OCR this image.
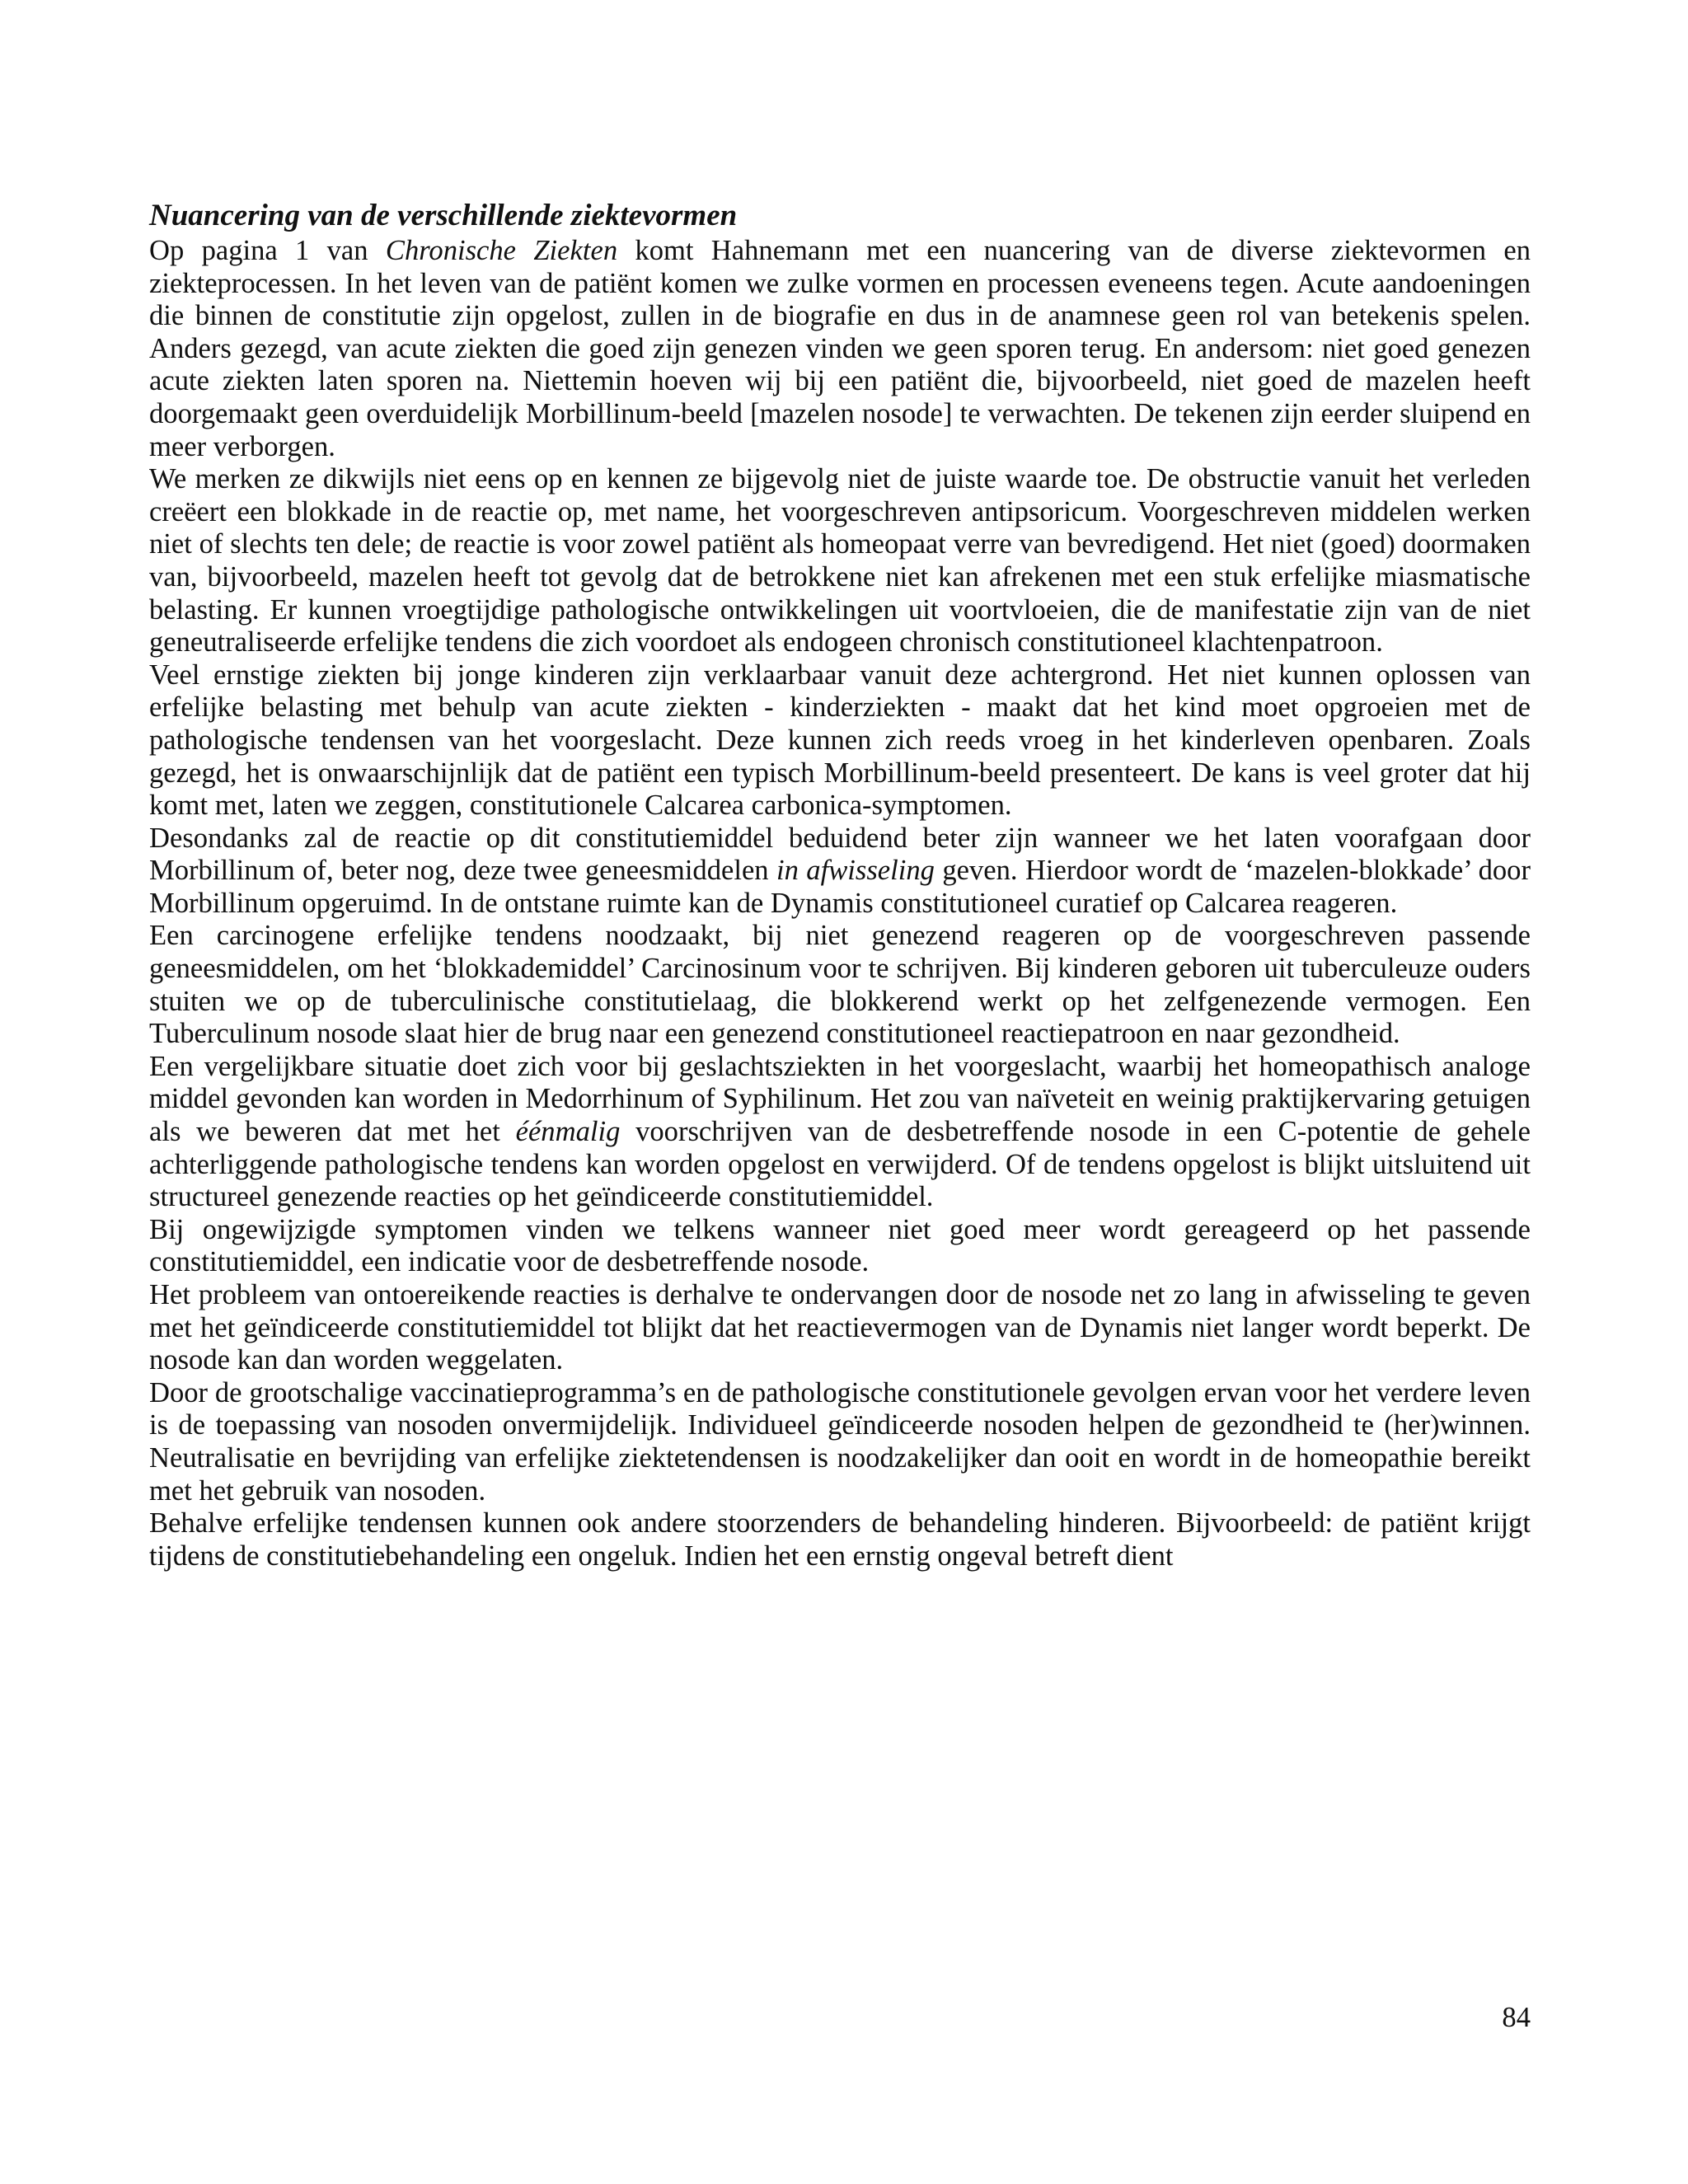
Nuancering van de verschillende ziektevormen

Op pagina 1 van Chronische Ziekten komt Hahnemann met een nuancering van de diverse ziektevormen en ziekteprocessen. In het leven van de patiënt komen we zulke vormen en processen eveneens tegen. Acute aandoeningen die binnen de constitutie zijn opgelost, zullen in de biografie en dus in de anamnese geen rol van betekenis spelen. Anders gezegd, van acute ziekten die goed zijn genezen vinden we geen sporen terug. En andersom: niet goed genezen acute ziekten laten sporen na. Niettemin hoeven wij bij een patiënt die, bijvoorbeeld, niet goed de mazelen heeft doorgemaakt geen overduidelijk Morbillinum-beeld [mazelen nosode] te verwachten. De tekenen zijn eerder sluipend en meer verborgen.

We merken ze dikwijls niet eens op en kennen ze bijgevolg niet de juiste waarde toe. De obstructie vanuit het verleden creëert een blokkade in de reactie op, met name, het voorgeschreven antipsoricum. Voorgeschreven middelen werken niet of slechts ten dele; de reactie is voor zowel patiënt als homeopaat verre van bevredigend. Het niet (goed) doormaken van, bijvoorbeeld, mazelen heeft tot gevolg dat de betrokkene niet kan afrekenen met een stuk erfelijke miasmatische belasting. Er kunnen vroegtijdige pathologische ontwikkelingen uit voortvloeien, die de manifestatie zijn van de niet geneutraliseerde erfelijke tendens die zich voordoet als endogeen chronisch constitutioneel klachtenpatroon.

Veel ernstige ziekten bij jonge kinderen zijn verklaarbaar vanuit deze achtergrond. Het niet kunnen oplossen van erfelijke belasting met behulp van acute ziekten - kinderziekten - maakt dat het kind moet opgroeien met de pathologische tendensen van het voorgeslacht. Deze kunnen zich reeds vroeg in het kinderleven openbaren. Zoals gezegd, het is onwaarschijnlijk dat de patiënt een typisch Morbillinum-beeld presenteert. De kans is veel groter dat hij komt met, laten we zeggen, constitutionele Calcarea carbonica-symptomen.

Desondanks zal de reactie op dit constitutiemiddel beduidend beter zijn wanneer we het laten voorafgaan door Morbillinum of, beter nog, deze twee geneesmiddelen in afwisseling geven. Hierdoor wordt de ‘mazelen-blokkade’ door Morbillinum opgeruimd. In de ontstane ruimte kan de Dynamis constitutioneel curatief op Calcarea reageren.

Een carcinogene erfelijke tendens noodzaakt, bij niet genezend reageren op de voorgeschreven passende geneesmiddelen, om het ‘blokkademiddel’ Carcinosinum voor te schrijven. Bij kinderen geboren uit tuberculeuze ouders stuiten we op de tuberculinische constitutielaag, die blokkerend werkt op het zelfgenezende vermogen. Een Tuberculinum nosode slaat hier de brug naar een genezend constitutioneel reactiepatroon en naar gezondheid.

Een vergelijkbare situatie doet zich voor bij geslachtsziekten in het voorgeslacht, waarbij het homeopathisch analoge middel gevonden kan worden in Medorrhinum of Syphilinum. Het zou van naïveteit en weinig praktijkervaring getuigen als we beweren dat met het éénmalig voorschrijven van de desbetreffende nosode in een C-potentie de gehele achterliggende pathologische tendens kan worden opgelost en verwijderd. Of de tendens opgelost is blijkt uitsluitend uit structureel genezende reacties op het geïndiceerde constitutiemiddel.

Bij ongewijzigde symptomen vinden we telkens wanneer niet goed meer wordt gereageerd op het passende constitutiemiddel, een indicatie voor de desbetreffende nosode.

Het probleem van ontoereikende reacties is derhalve te ondervangen door de nosode net zo lang in afwisseling te geven met het geïndiceerde constitutiemiddel tot blijkt dat het reactievermogen van de Dynamis niet langer wordt beperkt. De nosode kan dan worden weggelaten.

Door de grootschalige vaccinatieprogramma’s en de pathologische constitutionele gevolgen ervan voor het verdere leven is de toepassing van nosoden onvermijdelijk. Individueel geïndiceerde nosoden helpen de gezondheid te (her)winnen. Neutralisatie en bevrijding van erfelijke ziektetendensen is noodzakelijker dan ooit en wordt in de homeopathie bereikt met het gebruik van nosoden.

Behalve erfelijke tendensen kunnen ook andere stoorzenders de behandeling hinderen. Bijvoorbeeld: de patiënt krijgt tijdens de constitutiebehandeling een ongeluk. Indien het een ernstig ongeval betreft dient

84
